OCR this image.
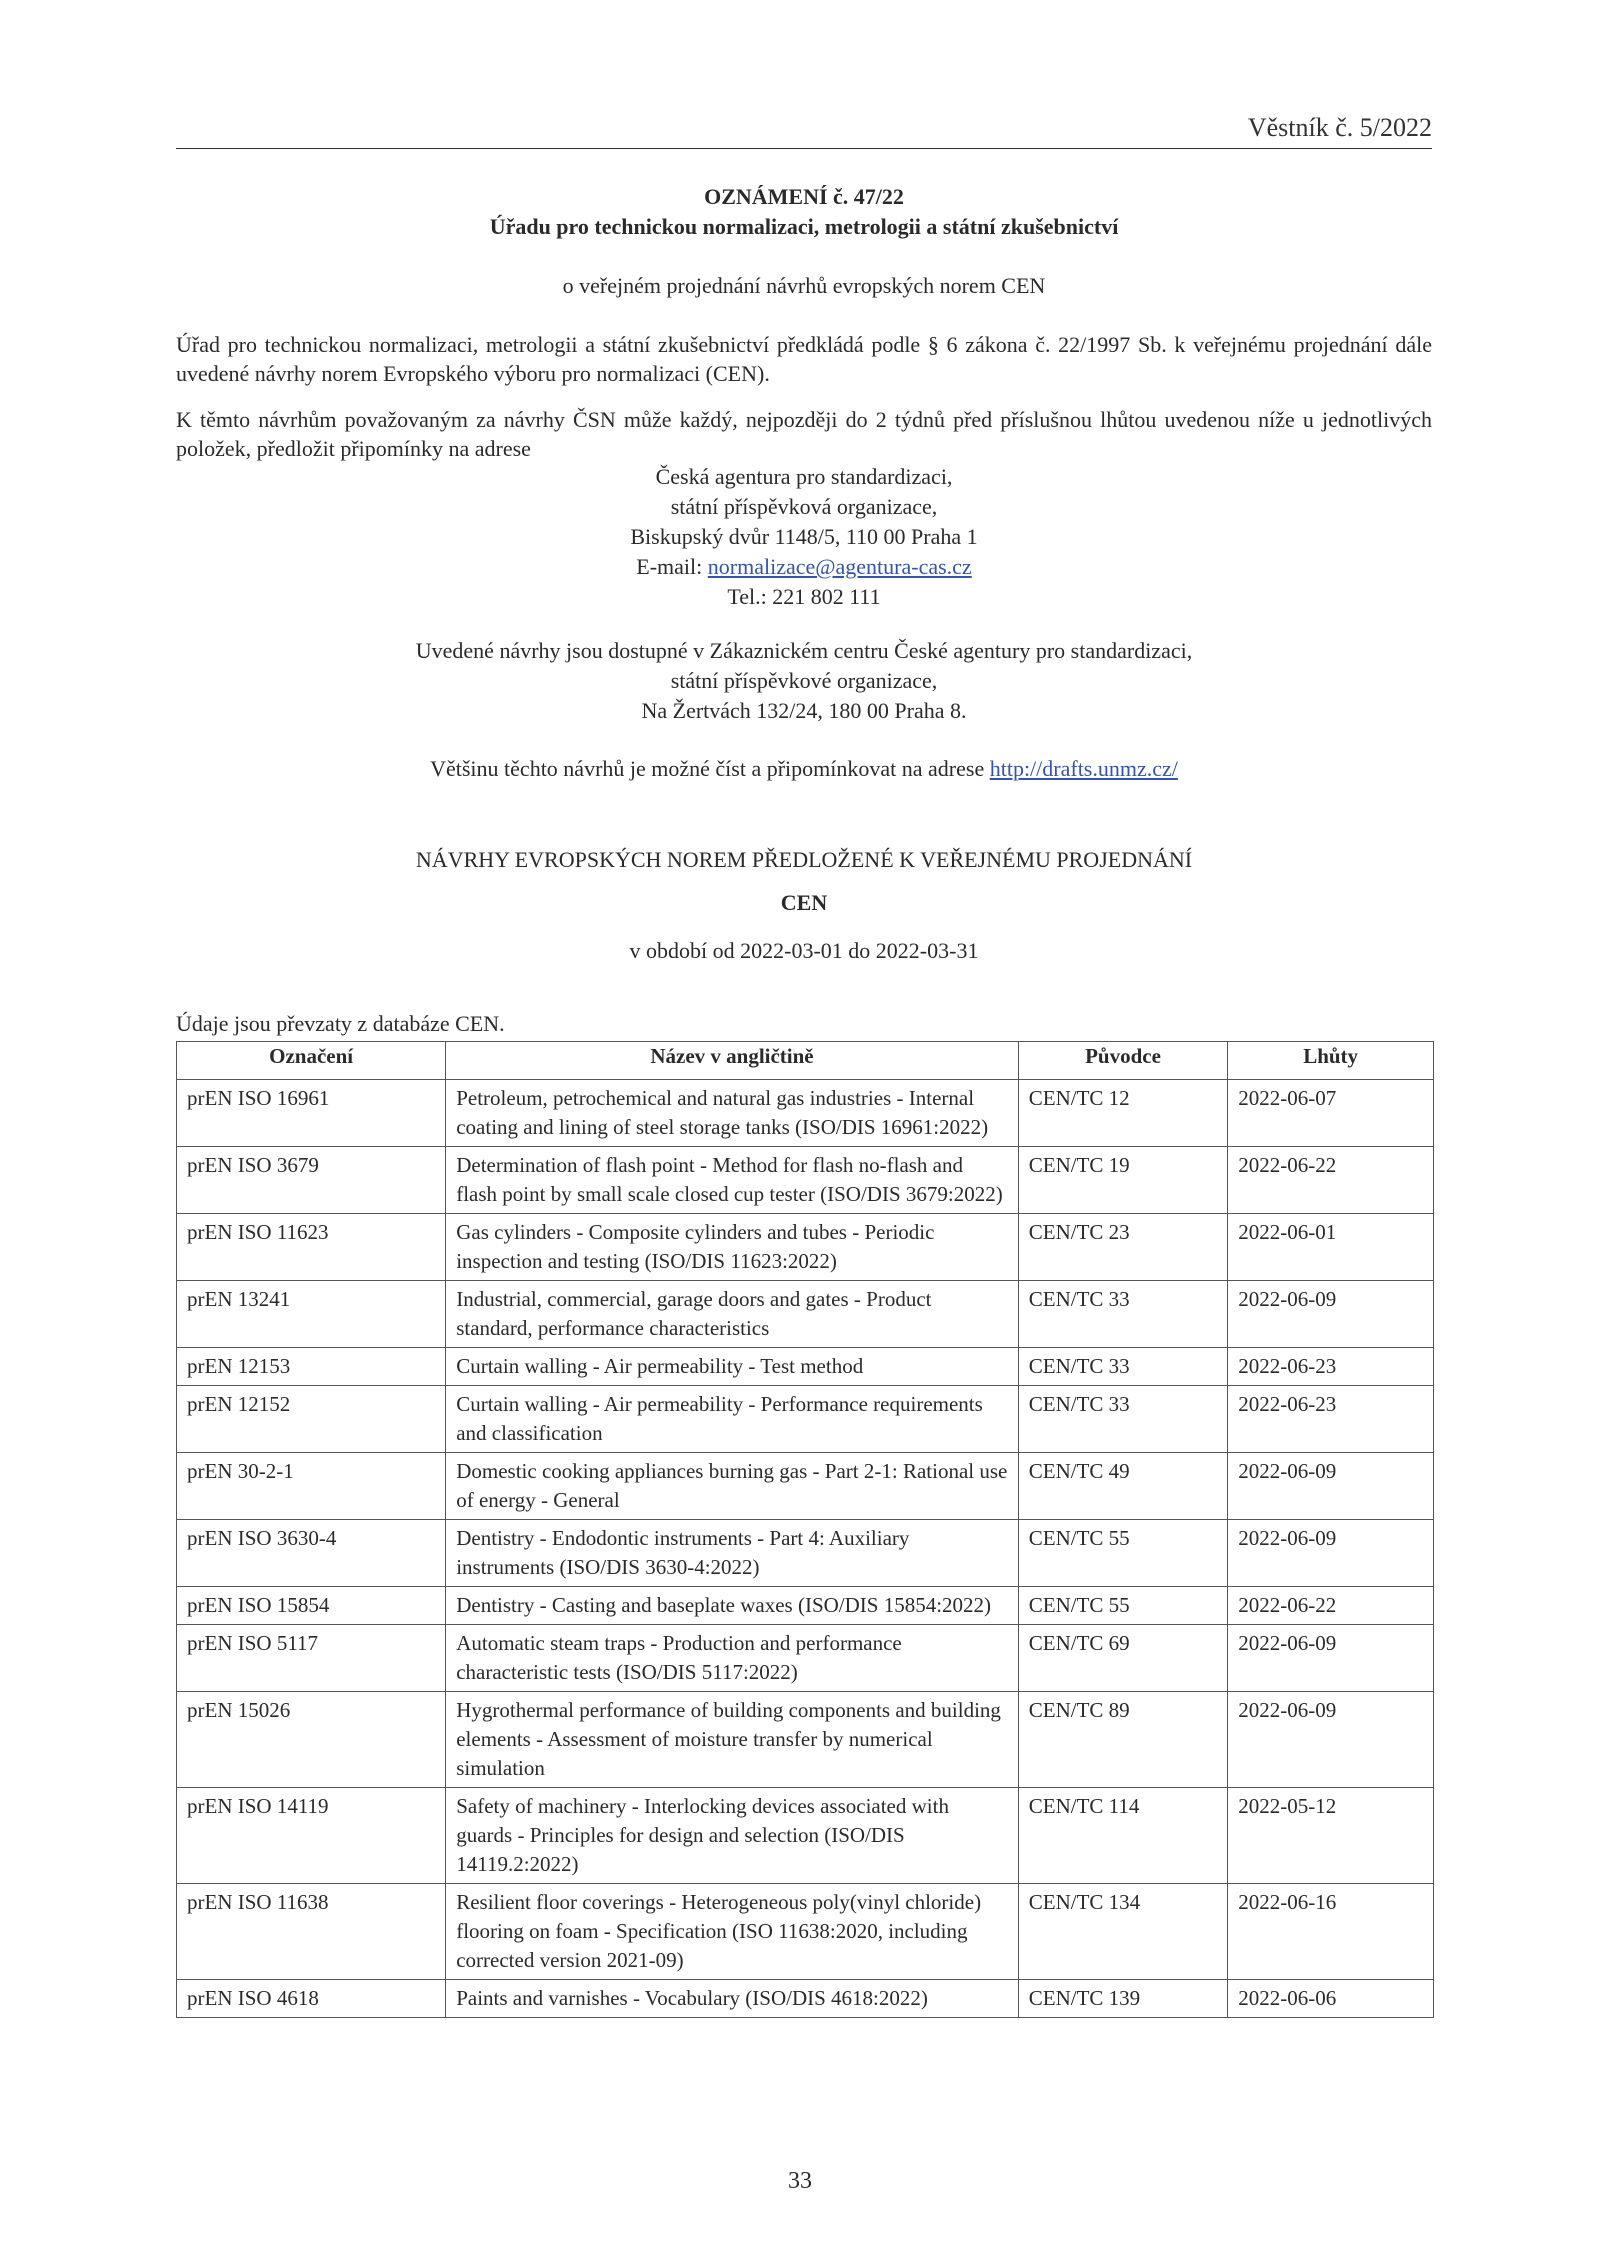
Věstník č. 5/2022
OZNÁMENÍ č. 47/22
Úřadu pro technickou normalizaci, metrologii a státní zkušebnictví
o veřejném projednání návrhů evropských norem CEN
Úřad pro technickou normalizaci, metrologii a státní zkušebnictví předkládá podle § 6 zákona č. 22/1997 Sb. k veřejnému projednání dále uvedené návrhy norem Evropského výboru pro normalizaci (CEN).
K těmto návrhům považovaným za návrhy ČSN může každý, nejpozději do 2 týdnů před příslušnou lhůtou uvedenou níže u jednotlivých položek, předložit připomínky na adrese
Česká agentura pro standardizaci,
státní příspěvková organizace,
Biskupský dvůr 1148/5, 110 00 Praha 1
E-mail: normalizace@agentura-cas.cz
Tel.: 221 802 111
Uvedené návrhy jsou dostupné v Zákaznickém centru České agentury pro standardizaci,
státní příspěvkové organizace,
Na Žertvách 132/24, 180 00 Praha 8.
Většinu těchto návrhů je možné číst a připomínkovat na adrese http://drafts.unmz.cz/
NÁVRHY EVROPSKÝCH NOREM PŘEDLOŽENÉ K VEŘEJNÉMU PROJEDNÁNÍ
CEN
v období od 2022-03-01 do 2022-03-31
Údaje jsou převzaty z databáze CEN.
Označení	Název v angličtině	Původce	Lhůty
prEN ISO 16961	Petroleum, petrochemical and natural gas industries - Internal coating and lining of steel storage tanks (ISO/DIS 16961:2022)	CEN/TC 12	2022-06-07
prEN ISO 3679	Determination of flash point - Method for flash no-flash and flash point by small scale closed cup tester (ISO/DIS 3679:2022)	CEN/TC 19	2022-06-22
prEN ISO 11623	Gas cylinders - Composite cylinders and tubes - Periodic inspection and testing (ISO/DIS 11623:2022)	CEN/TC 23	2022-06-01
prEN 13241	Industrial, commercial, garage doors and gates - Product standard, performance characteristics	CEN/TC 33	2022-06-09
prEN 12153	Curtain walling - Air permeability - Test method	CEN/TC 33	2022-06-23
prEN 12152	Curtain walling - Air permeability - Performance requirements and classification	CEN/TC 33	2022-06-23
prEN 30-2-1	Domestic cooking appliances burning gas - Part 2-1: Rational use of energy - General	CEN/TC 49	2022-06-09
prEN ISO 3630-4	Dentistry - Endodontic instruments - Part 4: Auxiliary instruments (ISO/DIS 3630-4:2022)	CEN/TC 55	2022-06-09
prEN ISO 15854	Dentistry - Casting and baseplate waxes (ISO/DIS 15854:2022)	CEN/TC 55	2022-06-22
prEN ISO 5117	Automatic steam traps - Production and performance characteristic tests (ISO/DIS 5117:2022)	CEN/TC 69	2022-06-09
prEN 15026	Hygrothermal performance of building components and building elements - Assessment of moisture transfer by numerical simulation	CEN/TC 89	2022-06-09
prEN ISO 14119	Safety of machinery - Interlocking devices associated with guards - Principles for design and selection (ISO/DIS 14119.2:2022)	CEN/TC 114	2022-05-12
prEN ISO 11638	Resilient floor coverings - Heterogeneous poly(vinyl chloride) flooring on foam - Specification (ISO 11638:2020, including corrected version 2021-09)	CEN/TC 134	2022-06-16
prEN ISO 4618	Paints and varnishes - Vocabulary (ISO/DIS 4618:2022)	CEN/TC 139	2022-06-06
33
